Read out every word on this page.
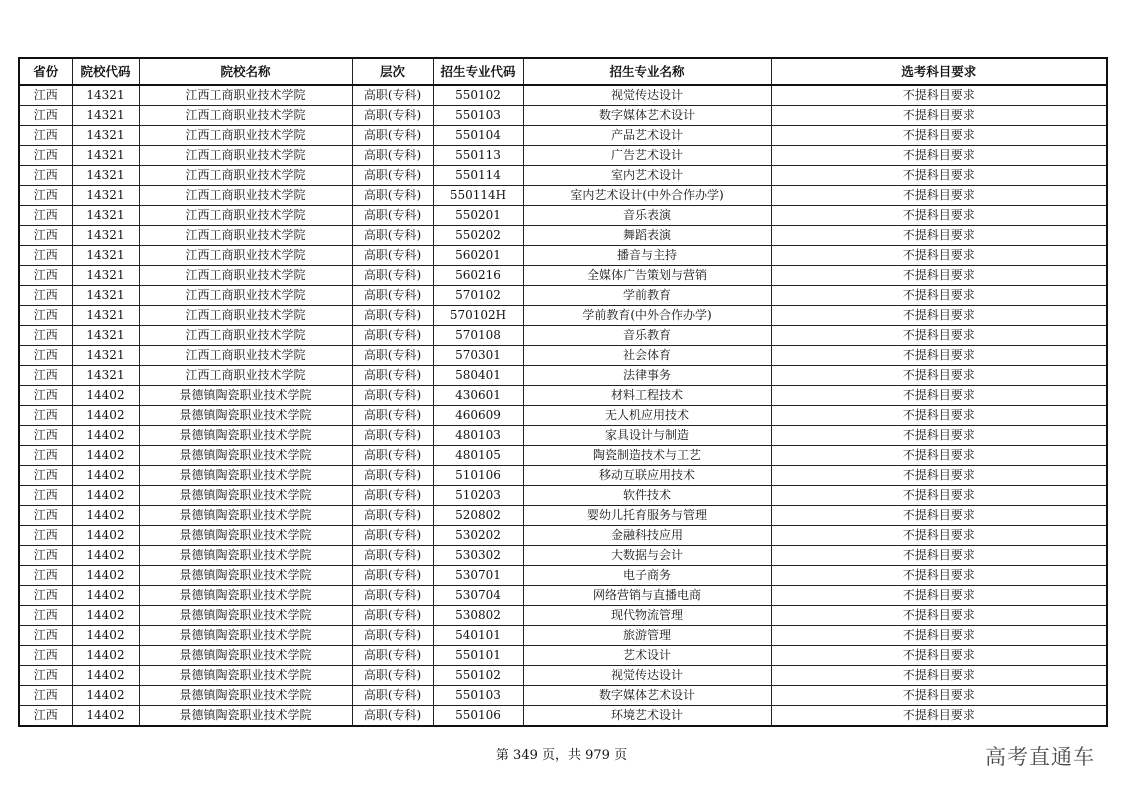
省份	院校代码	院校名称	层次	招生专业代码	招生专业名称	选考科目要求
江西	14321	江西工商职业技术学院	高职(专科)	550102	视觉传达设计	不提科目要求
江西	14321	江西工商职业技术学院	高职(专科)	550103	数字媒体艺术设计	不提科目要求
江西	14321	江西工商职业技术学院	高职(专科)	550104	产品艺术设计	不提科目要求
江西	14321	江西工商职业技术学院	高职(专科)	550113	广告艺术设计	不提科目要求
江西	14321	江西工商职业技术学院	高职(专科)	550114	室内艺术设计	不提科目要求
江西	14321	江西工商职业技术学院	高职(专科)	550114H	室内艺术设计(中外合作办学)	不提科目要求
江西	14321	江西工商职业技术学院	高职(专科)	550201	音乐表演	不提科目要求
江西	14321	江西工商职业技术学院	高职(专科)	550202	舞蹈表演	不提科目要求
江西	14321	江西工商职业技术学院	高职(专科)	560201	播音与主持	不提科目要求
江西	14321	江西工商职业技术学院	高职(专科)	560216	全媒体广告策划与营销	不提科目要求
江西	14321	江西工商职业技术学院	高职(专科)	570102	学前教育	不提科目要求
江西	14321	江西工商职业技术学院	高职(专科)	570102H	学前教育(中外合作办学)	不提科目要求
江西	14321	江西工商职业技术学院	高职(专科)	570108	音乐教育	不提科目要求
江西	14321	江西工商职业技术学院	高职(专科)	570301	社会体育	不提科目要求
江西	14321	江西工商职业技术学院	高职(专科)	580401	法律事务	不提科目要求
江西	14402	景德镇陶瓷职业技术学院	高职(专科)	430601	材料工程技术	不提科目要求
江西	14402	景德镇陶瓷职业技术学院	高职(专科)	460609	无人机应用技术	不提科目要求
江西	14402	景德镇陶瓷职业技术学院	高职(专科)	480103	家具设计与制造	不提科目要求
江西	14402	景德镇陶瓷职业技术学院	高职(专科)	480105	陶瓷制造技术与工艺	不提科目要求
江西	14402	景德镇陶瓷职业技术学院	高职(专科)	510106	移动互联应用技术	不提科目要求
江西	14402	景德镇陶瓷职业技术学院	高职(专科)	510203	软件技术	不提科目要求
江西	14402	景德镇陶瓷职业技术学院	高职(专科)	520802	婴幼儿托育服务与管理	不提科目要求
江西	14402	景德镇陶瓷职业技术学院	高职(专科)	530202	金融科技应用	不提科目要求
江西	14402	景德镇陶瓷职业技术学院	高职(专科)	530302	大数据与会计	不提科目要求
江西	14402	景德镇陶瓷职业技术学院	高职(专科)	530701	电子商务	不提科目要求
江西	14402	景德镇陶瓷职业技术学院	高职(专科)	530704	网络营销与直播电商	不提科目要求
江西	14402	景德镇陶瓷职业技术学院	高职(专科)	530802	现代物流管理	不提科目要求
江西	14402	景德镇陶瓷职业技术学院	高职(专科)	540101	旅游管理	不提科目要求
江西	14402	景德镇陶瓷职业技术学院	高职(专科)	550101	艺术设计	不提科目要求
江西	14402	景德镇陶瓷职业技术学院	高职(专科)	550102	视觉传达设计	不提科目要求
江西	14402	景德镇陶瓷职业技术学院	高职(专科)	550103	数字媒体艺术设计	不提科目要求
江西	14402	景德镇陶瓷职业技术学院	高职(专科)	550106	环境艺术设计	不提科目要求
第 349 页，共 979 页	高考直通车
